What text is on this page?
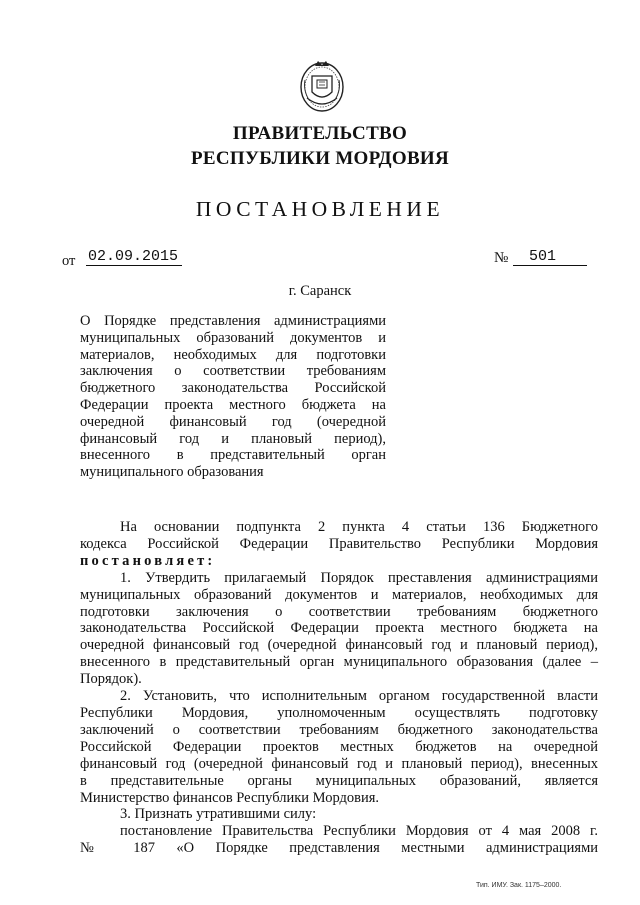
ПРАВИТЕЛЬСТВО
РЕСПУБЛИКИ МОРДОВИЯ
ПОСТАНОВЛЕНИЕ
от 02.09.2015	№	501
г. Саранск
О Порядке представления администрациями
муниципальных образований документов и
материалов, необходимых для подготовки
заключения о соответствии требованиям
бюджетного законодательства Российской
Федерации проекта местного бюджета на
очередной финансовый год (очередной
финансовый год и плановый период),
внесенного в представительный орган
муниципального образования
На основании подпункта 2 пункта 4 статьи 136 Бюджетного
кодекса Российской Федерации Правительство Республики Мордовия
постановляет:
1. Утвердить прилагаемый Порядок преставления администрациями
муниципальных образований документов и материалов, необходимых для
подготовки заключения о соответствии требованиям бюджетного
законодательства Российской Федерации проекта местного бюджета на
очередной финансовый год (очередной финансовый год и плановый период),
внесенного в представительный орган муниципального образования (далее –
Порядок).
2. Установить, что исполнительным органом государственной власти
Республики Мордовия, уполномоченным осуществлять подготовку
заключений о соответствии требованиям бюджетного законодательства
Российской Федерации проектов местных бюджетов на очередной
финансовый год (очередной финансовый год и плановый период), внесенных
в представительные органы муниципальных образований, является
Министерство финансов Республики Мордовия.
3. Признать утратившими силу:
постановление Правительства Республики Мордовия от 4 мая 2008 г.
№ 187 «О Порядке представления местными администрациями
Тип. ИМУ. Зак. 1175–2000.
